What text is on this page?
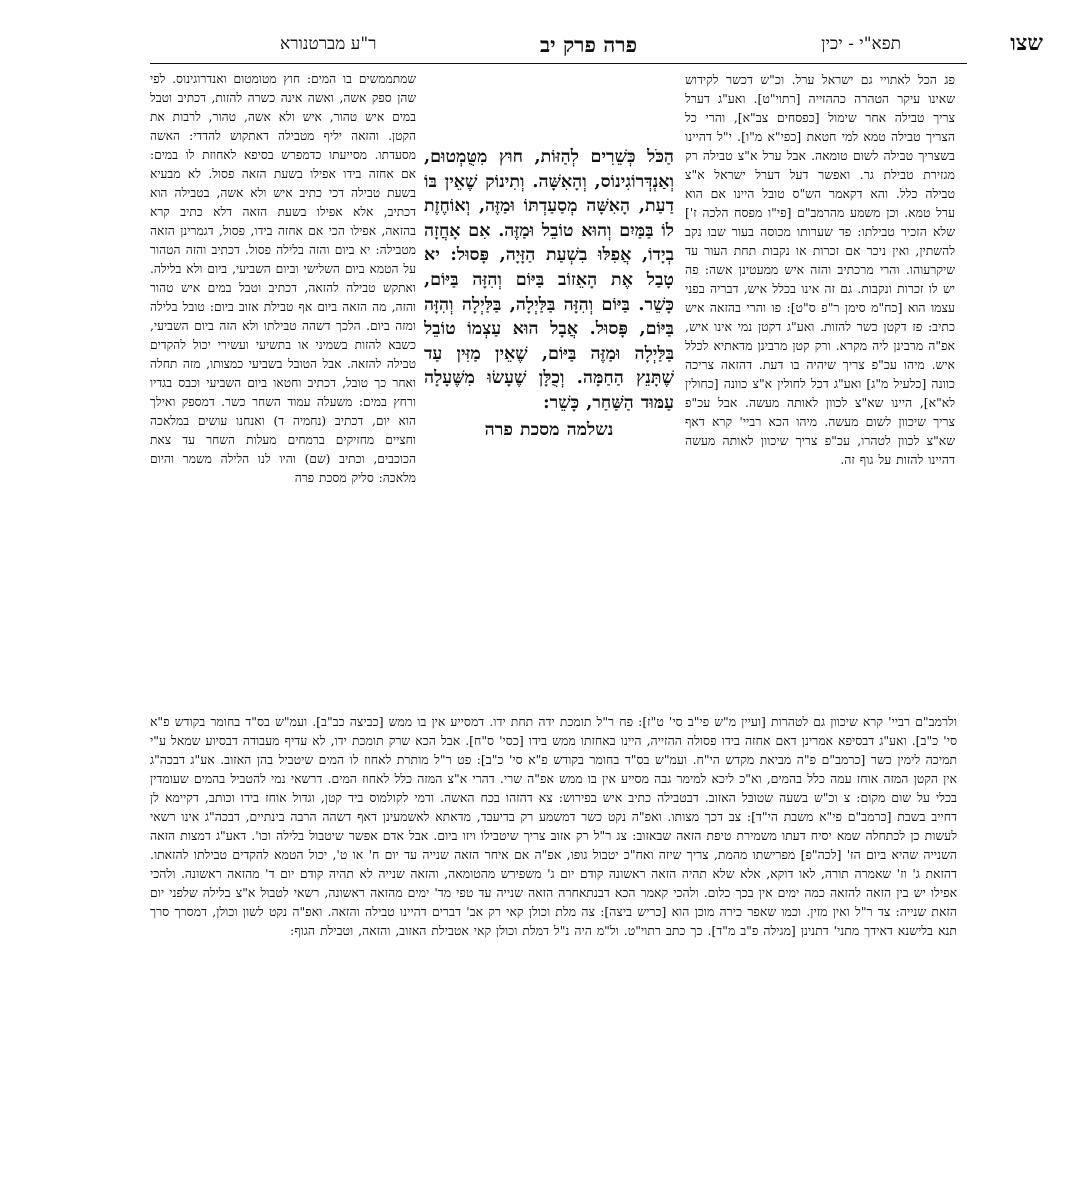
שצו
תפא"י - יכין
פרה פרק יב
ר"ע מברטנורא
פג הכל לאתויי גם ישראל ערל. וכ"ש דכשר לקידוש שאינו עיקר הטהרה כההזייה [רתוי"ט]. ואע"ג דערל צריך טבילה אחר שימול [כפסחים צב"א], והרי כל הצריך טבילה טמא למי חטאת [כפי"א מ"ו]. י"ל דהיינו בשצריך טבילה לשום טומאה. אבל ערל א"צ טבילה רק מגזירת טבילת גר. ואפשר דעל דערל ישראל א"צ טבילה כלל. והא דקאמר הש"ס טובל היינו אם הוא ערל טמא. וכן משמע מהרמב"ם [פי"ו מפסח הלכה ז'] שלא הזכיר טבילתו: פד שערותו מכוסה בעור שבו נקב להשתין, ואין ניכר אם זכרות או נקבות תחת העור עד שיקרעוהו. והרי מרכתיב והזה איש ממעטינן אשה: פה יש לו זכרות ונקבות. גם זה אינו בכלל איש, דבריה בפני עצמו הוא [כח"מ סימן ר"פ ס"ט]: פו והרי בהזאה איש כתיב: פז דקטן כשר להזות. ואע"ג דקטן נמי אינו איש, אפ"ה מרבינן ליה מקרא. ורק קטן מרבינן מדאתיא לכלל איש. מיהו עכ"פ צריך שיהיה בו דעת. דהזאה צריכה כוונה [כלעיל מ"ג] ואע"ג דכל לחולין א"צ כוונה [כחולין לא"א], היינו שא"צ לכוון לאותה מעשה. אבל עכ"פ צריך שיכוון לשום מעשה. מיהו הכא רביי' קרא דאף שא"צ לכוון לטהרו, עכ"פ צריך שיכוון לאותה מעשה דהיינו להזות על גוף זה.
הַכֹּל כְּשֵׁרִים לְהַזּוֹת, חוּץ מִטֻּמְטוּם, וְאַנְדְּרוֹגִינוֹס, וְהָאִשָּׁה. וְתִינוֹק שֶׁאֵין בּוֹ דַעַת, הָאִשָּׁה מְסַעַדְתּוֹ וּמַזֶּה, וְאוֹחֶזֶת לוֹ בַּמַּיִם וְהוּא טוֹבֵל וּמַזֶּה. אִם אָחֲזָה בְיָדוֹ, אֲפִלּוּ בִשְׁעַת הַזָּיָה, פָּסוּל: יא טָבַל אֶת הָאֵזוֹב בַּיּוֹם וְהִזָּה בַּיּוֹם, כָּשֵׁר. בַּיּוֹם וְהִזָּה בַּלַּיְלָה, בַּלַּיְלָה וְהִזָּה בַּיּוֹם, פָּסוּל. אֲבָל הוּא עַצְמוֹ טוֹבֵל בַּלַּיְלָה וּמַזֶּה בַּיּוֹם, שֶׁאֵין מַזִּין עַד שֶׁתָּנֵץ הַחַמָּה. וְכֻלָּן שֶׁעָשׂוּ מִשֶּׁעָלָה עַמּוּד הַשַּׁחַר, כָּשֵׁר:
נשלמה מסכת פרה
שמתממשים בו המים: חוץ מטומטום ואנדרוגינוס. לפי שהן ספק אשה, ואשה אינה כשרה להזות, דכתיב וטבל במים איש טהור, איש ולא אשה, טהור, לרבות את הקטן. והזאה יליף מטבילה דאתקוש להדדי: האשה מסעדתו. מסייעתו כדמפרש בסיפא לאחוזת לו במים: אם אחזה בידו אפילו בשעת הזאה פסול. לא מבעיא בשעת טבילה דכי כתיב איש ולא אשה, בטבילה הוא דכתיב, אלא אפילו בשעת הזאה דלא כתיב קרא בהזאה, אפילו הכי אם אחזה בידו, פסול, דגמרינן הזאה מטבילה: יא ביום והזה בלילה פסול. דכתיב והזה הטהור על הטמא ביום השלישי וביום השביעי, ביום ולא בלילה. ואתקש טבילה להזאה, דכתיב וטבל במים איש טהור והזה, מה הזאה ביום אף טבילת אזוב ביום: טובל בלילה ומזה ביום. הלכך דשהה טבילתו ולא הזה ביום השביעי, כשבא להזות בשמיני או בתשיעי ועשירי יכול להקדים טבילה להזאה. אבל הטובל בשביעי כמצותו, מזה תחלה ואחר כך טובל, דכתיב וחטאו ביום השביעי וכבס בגדיו ורחץ במים: משעלה עמוד השחר כשר. דמספק ואילך הוא יום, דכתיב (נחמיה ד) ואנחנו עושים במלאכה וחציים מחזיקים ברמחים מעלות השחר עד צאת הכוכבים, וכתיב (שם) והיו לנו הלילה משמר והיום מלאכה: סליק מסכת פרה
ולרמב"ם רביי' קרא שיכוון גם לטהרות [ועיין מ"ש פי"ב סי' ט"ז]: פח ר"ל תומכת ידה תחת ידו. דמסייע אין בו ממש [כביצה כב"ב]. ועמ"ש בס"ד בחומר בקודש פ"א סי' כ"ב]. ואע"ג דבסיפא אמרינן דאם אחזה בידו פסולה ההזייה, היינו באחזתו ממש בידו [כסי' ס"ח]. אבל הכא שרק תומכת ידו, לא עדיף מעבודה דבסיוע שמאל ע"י תמיכה לימין כשר [כרמב"ם פ"ה מביאת מקדש הי"ח. ועמ"ש בס"ד בחומר בקודש פ"א סי' כ"ב]: פט ר"ל מותרת לאחוז לו המים שיטביל בהן האזוב. אע"ג דבכה"ג אין הקטן המזה אוחז עמה כלל בהמים, וא"כ ליכא למימר גבה מסייע אין בו ממש אפ"ה שרי. דהרי א"צ המזה כלל לאחוז המים. דרשאי נמי להטביל בהמים שעומדין בכלי על שום מקום: צ וכ"ש בשעה שטובל האזוב. דבטבילה כתיב איש בפירוש: צא דהזהו בכח האשה. ודמי לקולמוס ביד קטן, וגדול אוחז בידו וכותב, דקיימא לן דחייב בשבת [כרמב"ם פי"א משבת הי"ד]: צב דכך מצותו. ואפ"ה נקט כשר דמשמע רק בדיעבד, מדאתא לאשמעינן דאף דשהה הרבה בינתיים, דבכה"ג אינו רשאי לעשות כן לכתחלה שמא יסיח דעתו משמירת טיפת הזאה שבאזוב: צג ר"ל רק אזוב צריך שיטבילו ויזו ביום. אבל אדם אפשר שיטבול בלילה וכו'. דאע"ג דמצות הזאה השנייה שהיא ביום הז' [לכה"פ] מפרישתו מהמת, צריך שיזה ואח"כ יטבול גופו, אפ"ה אם איחר הזאה שנייה עד יום ח' או ט', יכול הטמא להקדים טבילתו להזאתו. דהזאת ג' וז' שאמרה תורה, לאו דוקא, אלא שלא תהיה הזאה ראשונה קודם יום ג' משפירש מהטומאה, והזאה שנייה לא תהיה קודם יום ד' מהזאה ראשונה. ולהכי אפילו יש בין הזאה להזאה כמה ימים אין בכך כלום. ולהכי קאמר הכא דבנתאחרה הזאה שנייה עד טפי מד' ימים מהזאה ראשונה, רשאי לטבול א"צ בלילה שלפני יום הזאת שנייה: צד ר"ל ואין מזין. וכמו שאפר כירה מוכן הוא [כריש ביצה]: צה מלת וכולן קאי רק אב' דברים דהיינו טבילה והזאה. ואפ"ה נקט לשון וכולן, דמסרך סרך תנא בלישנא דאידך מתני' דתנינן [מגילה פ"ב מ"ד]. כך כתב רתוי"ט. ול"מ היה נ"ל דמלת וכולן קאי אטבילת האזוב, והזאה, וטבילת הגוף:
